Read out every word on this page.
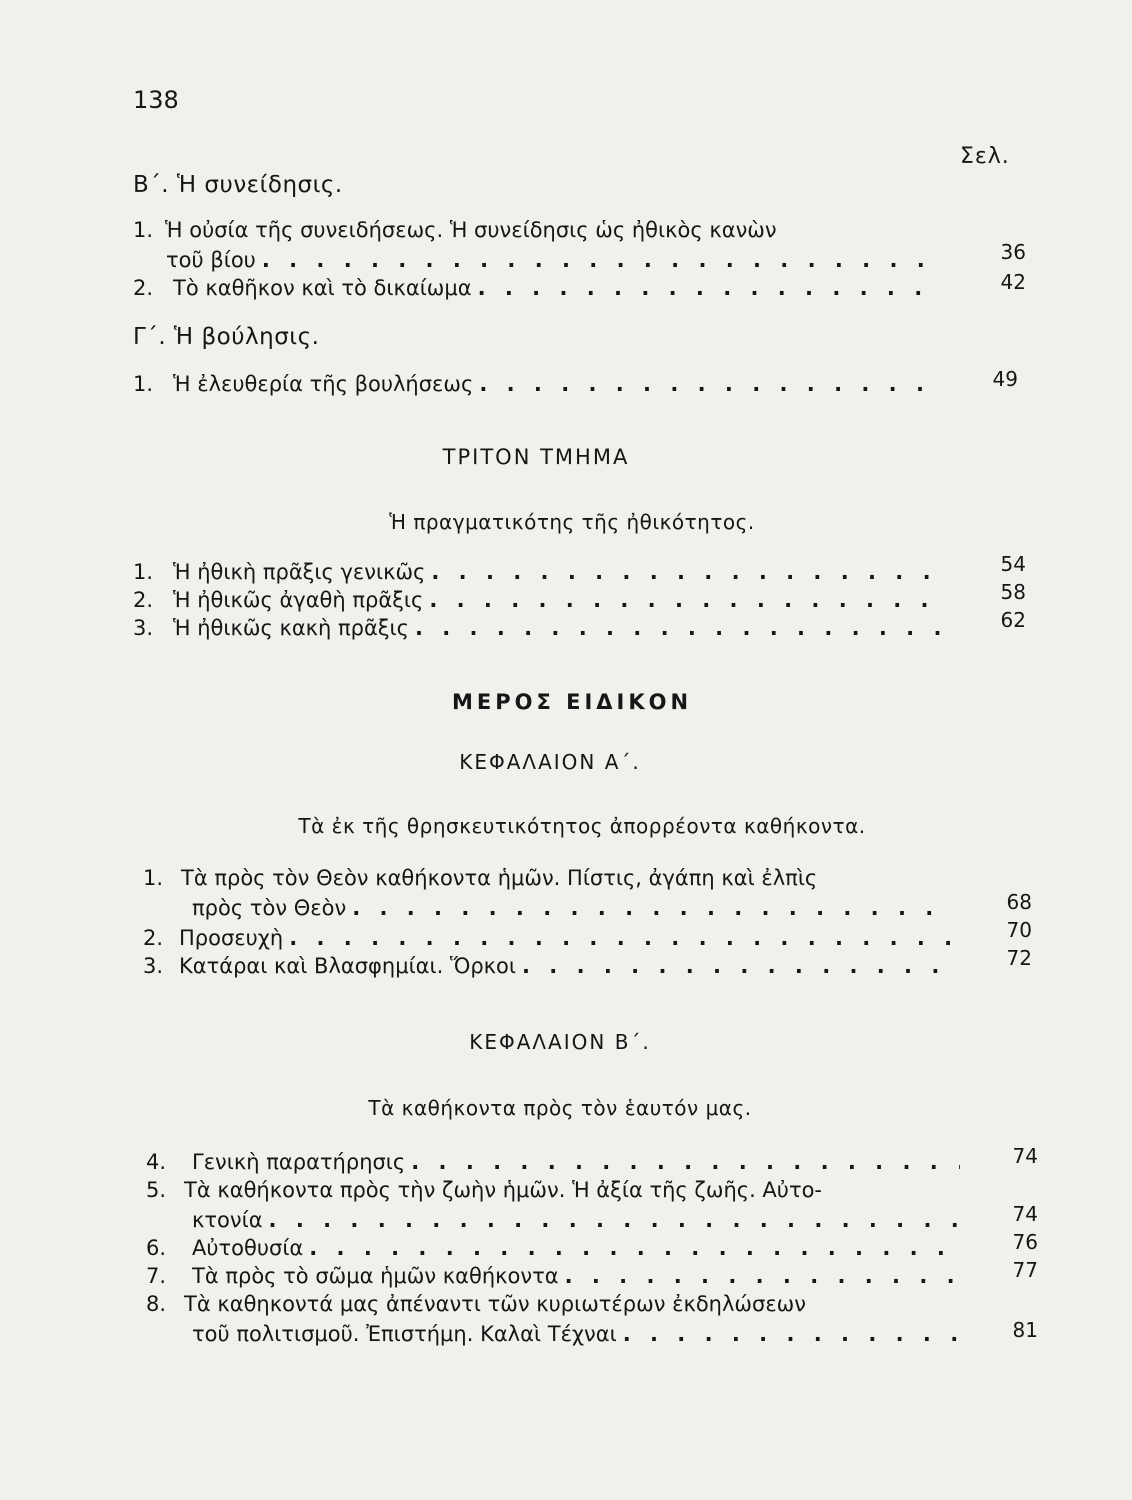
138
Σελ.
Β΄. Ἡ συνείδησις.
1. Ἡ οὐσία τῆς συνειδήσεως. Ἡ συνείδησις ὡς ἠθικὸς κανὼν
τοῦ βίου . . .	36
2. Τὸ καθῆκον καὶ τὸ δικαίωμα . . .	42
Γ΄. Ἡ βούλησις.
1. Ἡ ἐλευθερία τῆς βουλήσεως . . .	49
ΤΡΙΤΟΝ ΤΜΗΜΑ
Ἡ πραγματικότης τῆς ἠθικότητος.
1. Ἡ ἠθικὴ πρᾶξις γενικῶς . . .	54
2. Ἡ ἠθικῶς ἀγαθὴ πρᾶξις . . .	58
3. Ἡ ἠθικῶς κακὴ πρᾶξις . . .	62
ΜΕΡΟΣ ΕΙΔΙΚΟΝ
ΚΕΦΑΛΑΙΟΝ Α΄.
Τὰ ἐκ τῆς θρησκευτικότητος ἀπορρέοντα καθήκοντα.
1. Τὰ πρὸς τὸν Θεὸν καθήκοντα ἡμῶν. Πίστις, ἀγάπη καὶ ἐλπὶς
πρὸς τὸν Θεὸν . . .	68
2. Προσευχὴ . . .	70
3. Κατάραι καὶ Βλασφημίαι. Ὅρκοι . . .	72
ΚΕΦΑΛΑΙΟΝ Β΄.
Τὰ καθήκοντα πρὸς τὸν ἑαυτόν μας.
4.	Γενικὴ παρατήρησις . . .	74
5. Τὰ καθήκοντα πρὸς τὴν ζωὴν ἡμῶν. Ἡ ἀξία τῆς ζωῆς. Αὐτο-
κτονία . . .	74
6.	Αὐτοθυσία . . .	76
7.	Τὰ πρὸς τὸ σῶμα ἡμῶν καθήκοντα . . .	77
8. Τὰ καθηκοντά μας ἀπέναντι τῶν κυριωτέρων ἐκδηλώσεων
τοῦ πολιτισμοῦ. Ἐπιστήμη. Καλαὶ Τέχναι . . .	81
